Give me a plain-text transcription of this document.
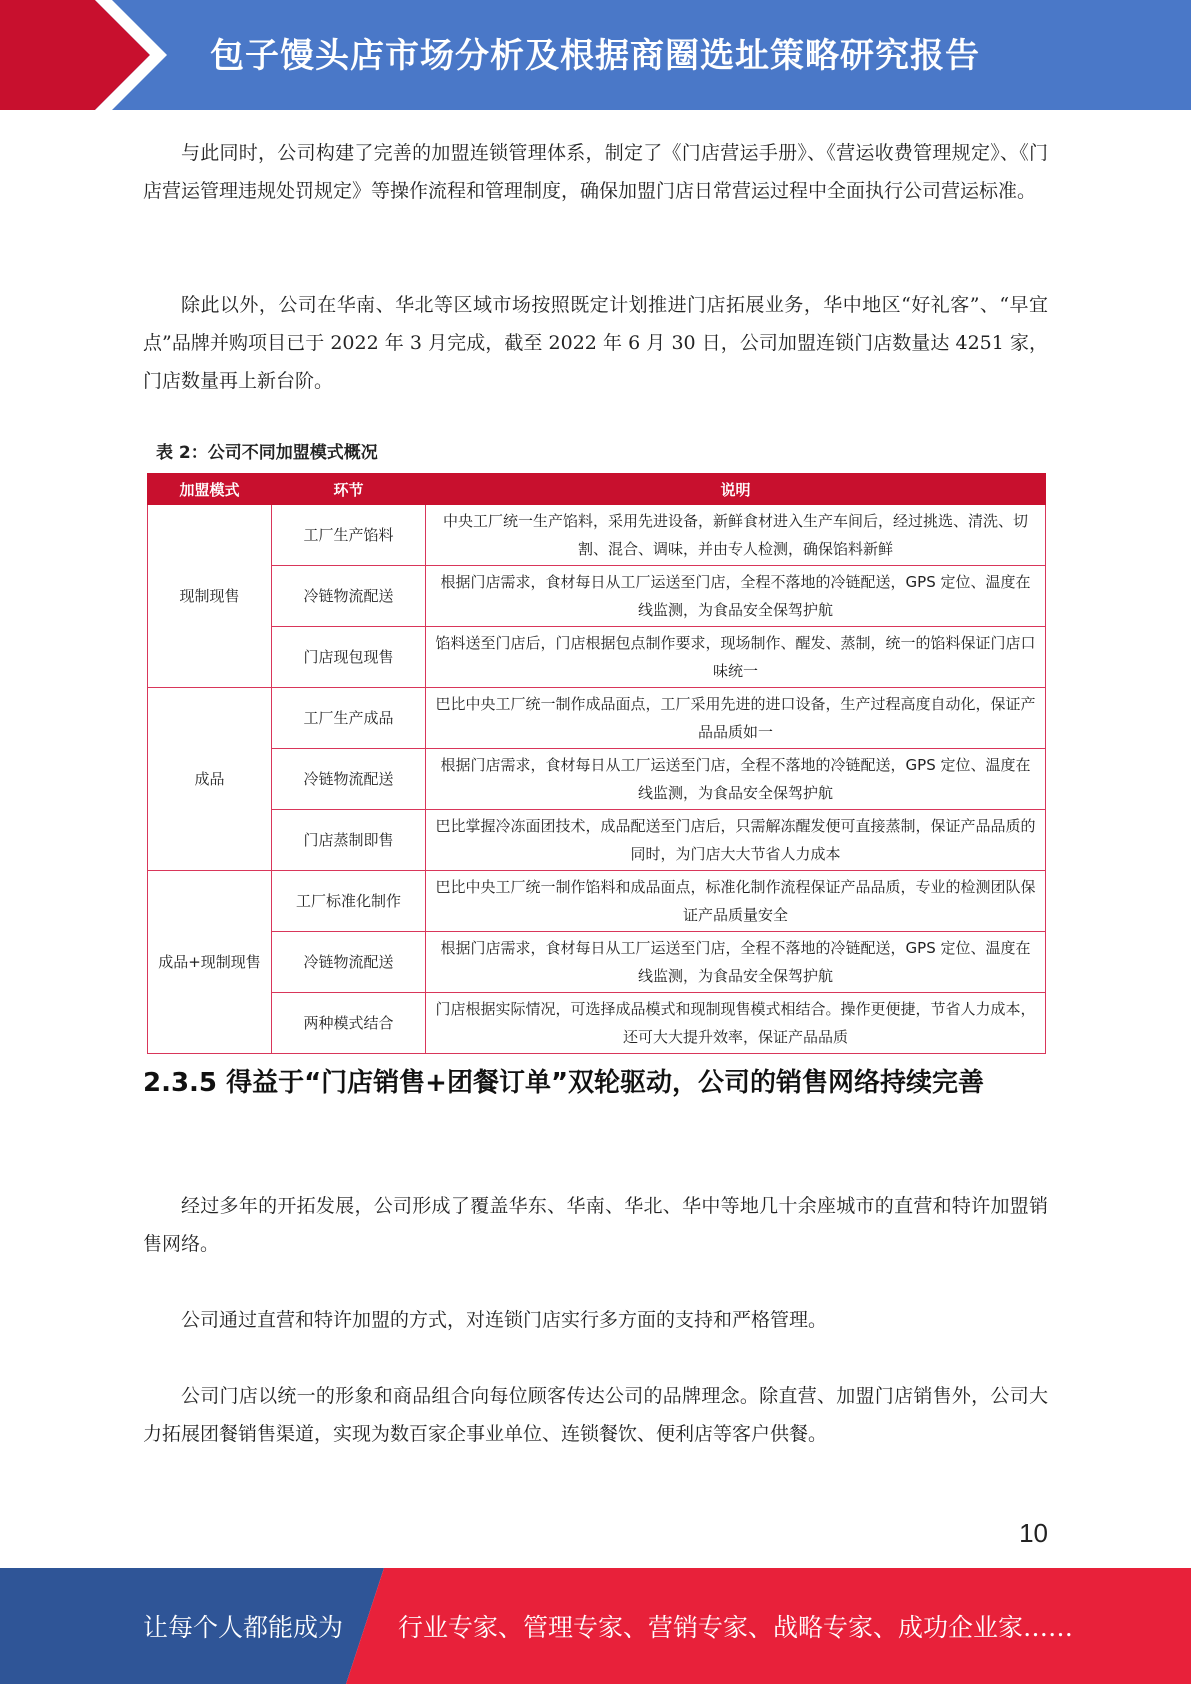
包子馒头店市场分析及根据商圈选址策略研究报告

与此同时，公司构建了完善的加盟连锁管理体系，制定了《门店营运手册》、《营运收费管理规定》、《门店营运管理违规处罚规定》等操作流程和管理制度，确保加盟门店日常营运过程中全面执行公司营运标准。

除此以外，公司在华南、华北等区域市场按照既定计划推进门店拓展业务，华中地区“好礼客”、“早宜点”品牌并购项目已于 2022 年 3 月完成，截至 2022 年 6 月 30 日，公司加盟连锁门店数量达 4251 家，门店数量再上新台阶。

表 2：公司不同加盟模式概况
加盟模式	环节	说明
现制现售	工厂生产馅料	中央工厂统一生产馅料，采用先进设备，新鲜食材进入生产车间后，经过挑选、清洗、切割、混合、调味，并由专人检测，确保馅料新鲜
	冷链物流配送	根据门店需求，食材每日从工厂运送至门店，全程不落地的冷链配送，GPS 定位、温度在线监测，为食品安全保驾护航
	门店现包现售	馅料送至门店后，门店根据包点制作要求，现场制作、醒发、蒸制，统一的馅料保证门店口味统一
成品	工厂生产成品	巴比中央工厂统一制作成品面点，工厂采用先进的进口设备，生产过程高度自动化，保证产品品质如一
	冷链物流配送	根据门店需求，食材每日从工厂运送至门店，全程不落地的冷链配送，GPS 定位、温度在线监测，为食品安全保驾护航
	门店蒸制即售	巴比掌握冷冻面团技术，成品配送至门店后，只需解冻醒发便可直接蒸制，保证产品品质的同时，为门店大大节省人力成本
成品+现制现售	工厂标准化制作	巴比中央工厂统一制作馅料和成品面点，标准化制作流程保证产品品质，专业的检测团队保证产品质量安全
	冷链物流配送	根据门店需求，食材每日从工厂运送至门店，全程不落地的冷链配送，GPS 定位、温度在线监测，为食品安全保驾护航
	两种模式结合	门店根据实际情况，可选择成品模式和现制现售模式相结合。操作更便捷，节省人力成本，还可大大提升效率，保证产品品质
2.3.5 得益于“门店销售+团餐订单”双轮驱动，公司的销售网络持续完善

经过多年的开拓发展，公司形成了覆盖华东、华南、华北、华中等地几十余座城市的直营和特许加盟销售网络。

公司通过直营和特许加盟的方式，对连锁门店实行多方面的支持和严格管理。

公司门店以统一的形象和商品组合向每位顾客传达公司的品牌理念。除直营、加盟门店销售外，公司大力拓展团餐销售渠道，实现为数百家企事业单位、连锁餐饮、便利店等客户供餐。

10
让每个人都能成为 行业专家、管理专家、营销专家、战略专家、成功企业家……
